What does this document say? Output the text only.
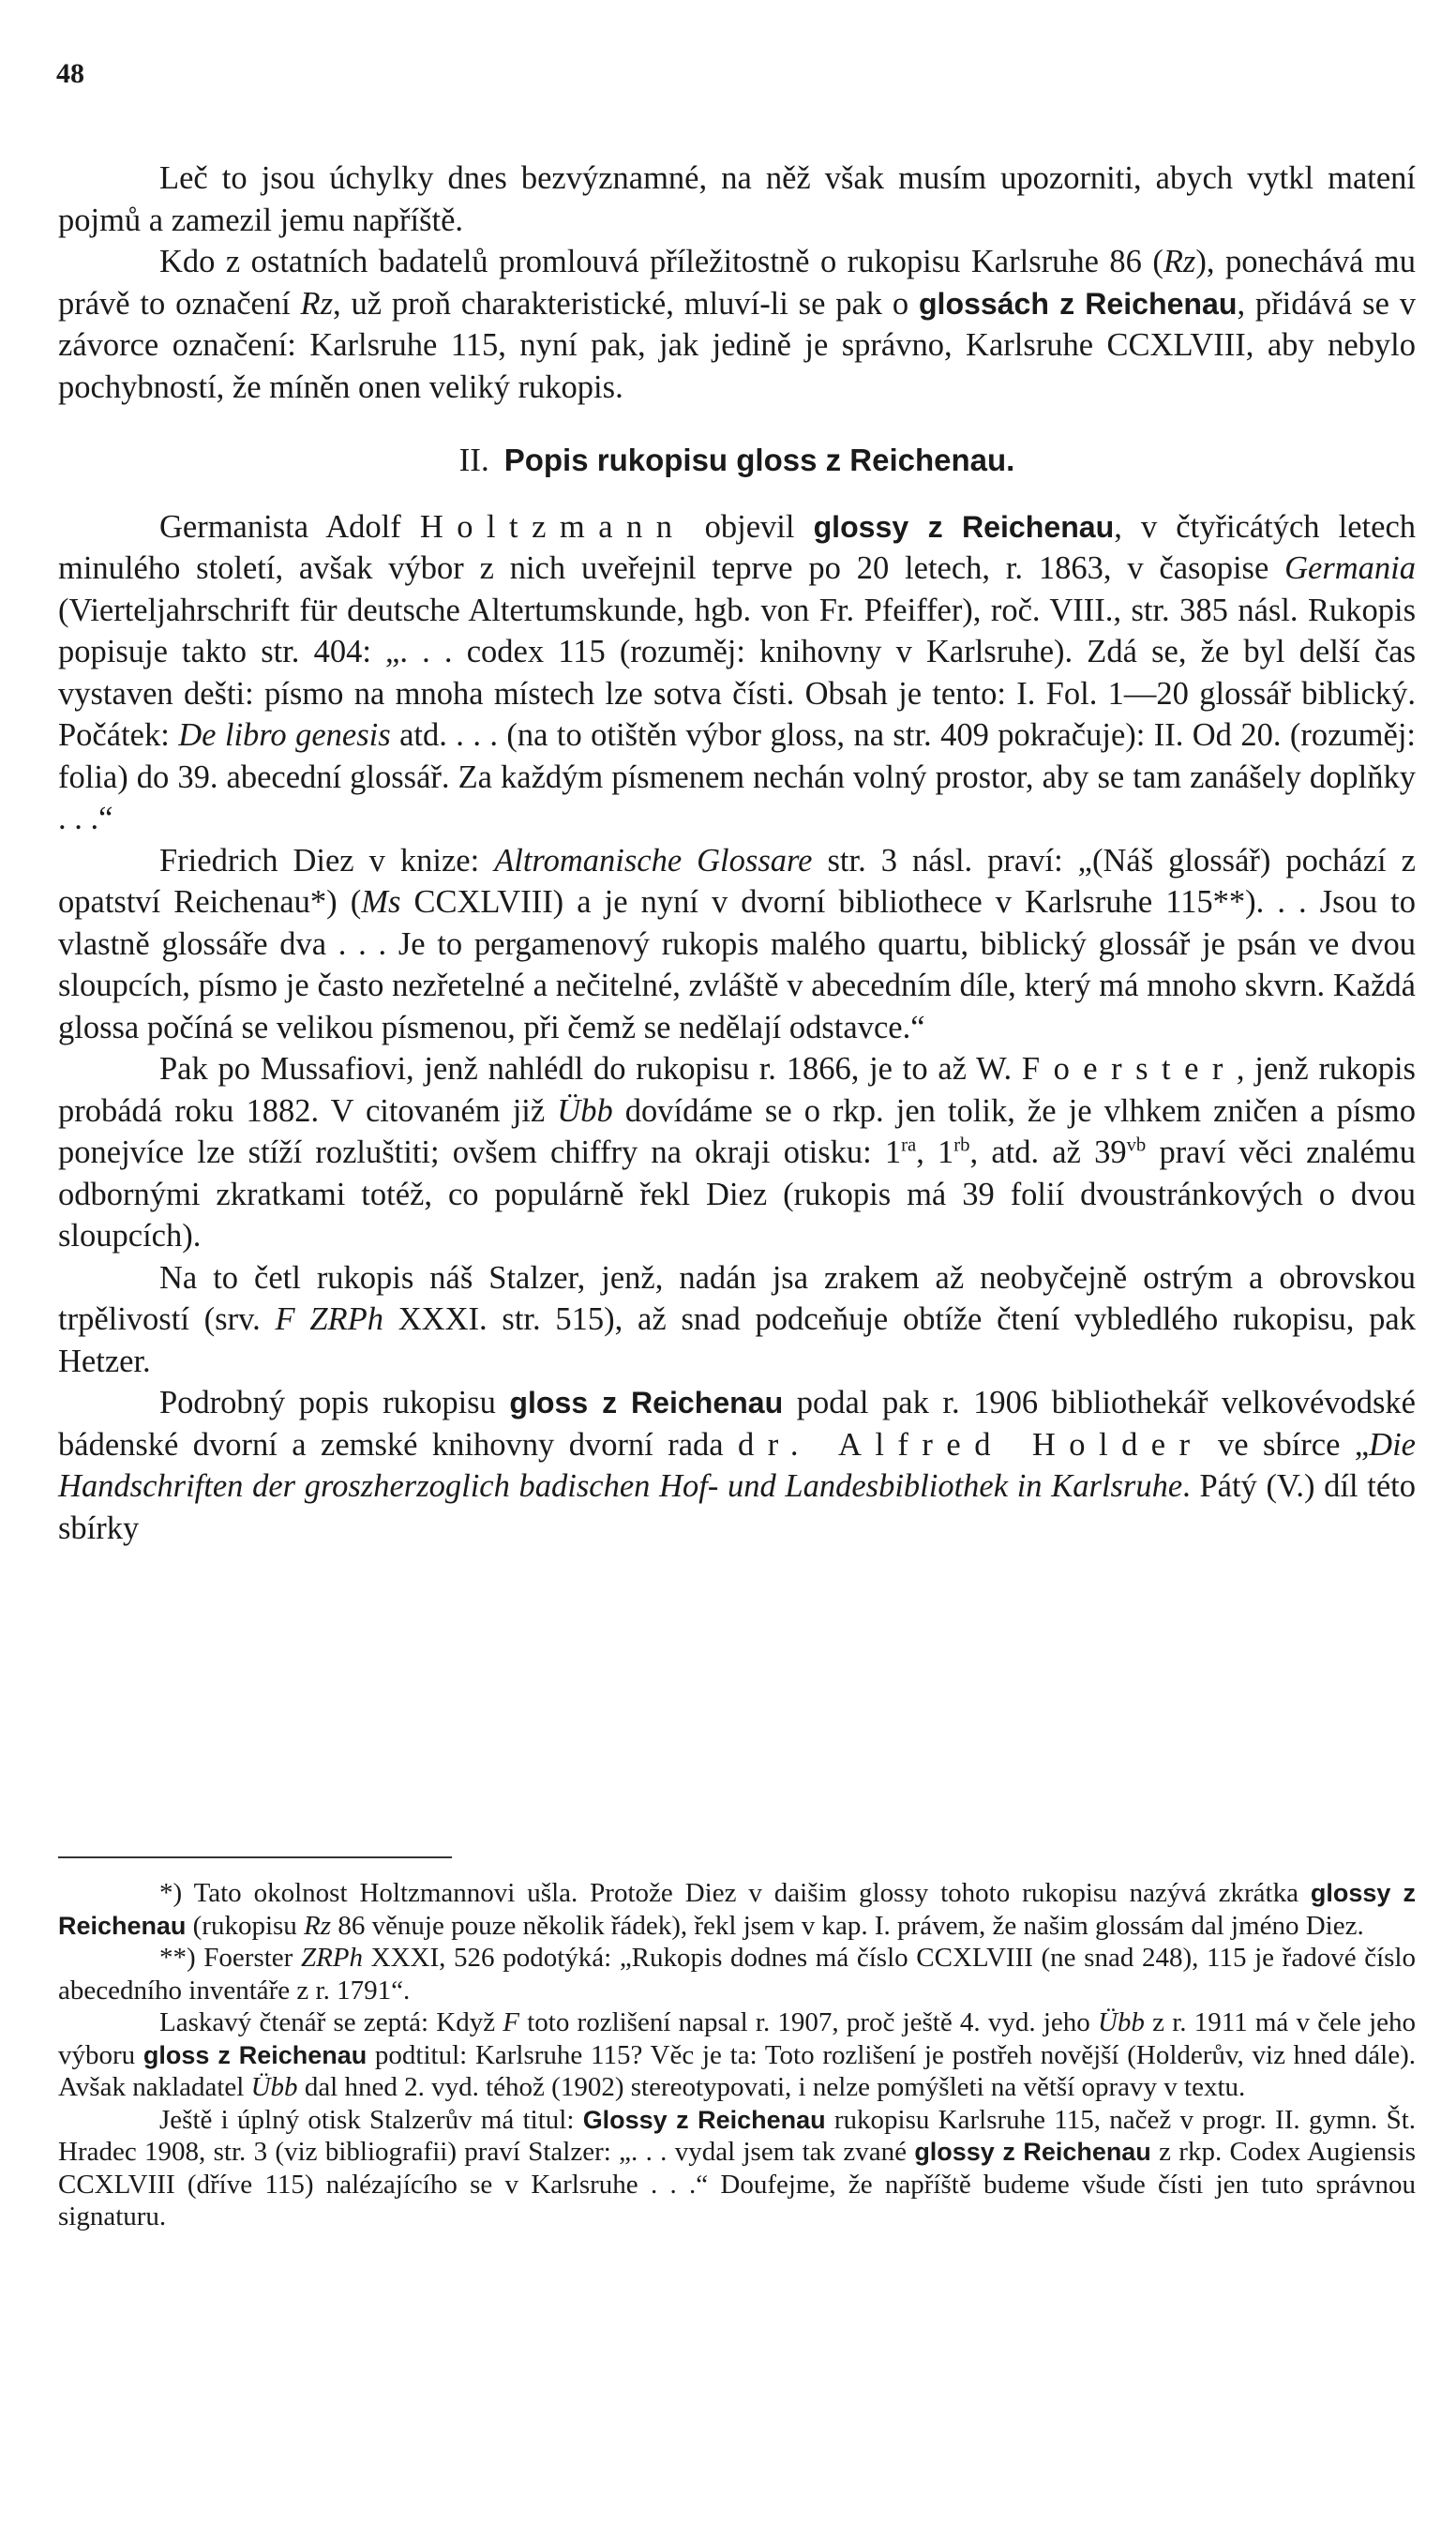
48

Leč to jsou úchylky dnes bezvýznamné, na něž však musím upozorniti, abych vytkl matení pojmů a zamezil jemu napříště.

Kdo z ostatních badatelů promlouvá příležitostně o rukopisu Karlsruhe 86 (Rz), ponechává mu právě to označení Rz, už proň charakteristické, mluví-li se pak o glossách z Reichenau, přidává se v závorce označení: Karlsruhe 115, nyní pak, jak jedině je správno, Karlsruhe CCXLVIII, aby nebylo pochybností, že míněn onen veliký rukopis.

II. Popis rukopisu gloss z Reichenau.

Germanista Adolf Holtzmann objevil glossy z Reichenau, v čtyřicátých letech minulého století, avšak výbor z nich uveřejnil teprve po 20 letech, r. 1863, v časopise Germania (Vierteljahrschrift für deutsche Altertumskunde, hgb. von Fr. Pfeiffer), roč. VIII., str. 385 násl. Rukopis popisuje takto str. 404: „. . . codex 115 (rozuměj: knihovny v Karlsruhe). Zdá se, že byl delší čas vystaven dešti: písmo na mnoha místech lze sotva čísti. Obsah je tento: I. Fol. 1—20 glossář biblický. Počátek: De libro genesis atd. . . . (na to otištěn výbor gloss, na str. 409 pokračuje): II. Od 20. (rozuměj: folia) do 39. abecední glossář. Za každým písmenem nechán volný prostor, aby se tam zanášely doplňky . . .“

Friedrich Diez v knize: Altromanische Glossare str. 3 násl. praví: „(Náš glossář) pochází z opatství Reichenau*) (Ms CCXLVIII) a je nyní v dvorní bibliothece v Karlsruhe 115**). . . Jsou to vlastně glossáře dva . . . Je to pergamenový rukopis malého quartu, biblický glossář je psán ve dvou sloupcích, písmo je často nezřetelné a nečitelné, zvláště v abecedním díle, který má mnoho skvrn. Každá glossa počíná se velikou písmenou, při čemž se nedělají odstavce.“

Pak po Mussafiovi, jenž nahlédl do rukopisu r. 1866, je to až W. Foerster, jenž rukopis probádá roku 1882. V citovaném již Übb dovídáme se o rkp. jen tolik, že je vlhkem zničen a písmo ponejvíce lze stíží rozluštiti; ovšem chiffry na okraji otisku: $1^{ra}$, $1^{rb}$, atd. až $39^{vb}$ praví věci znalému odbornými zkratkami totéž, co populárně řekl Diez (rukopis má 39 folií dvoustránkových o dvou sloupcích).

Na to četl rukopis náš Stalzer, jenž, nadán jsa zrakem až neobyčejně ostrým a obrovskou trpělivostí (srv. F ZRPh XXXI. str. 515), až snad podceňuje obtíže čtení vybledlého rukopisu, pak Hetzer.

Podrobný popis rukopisu gloss z Reichenau podal pak r. 1906 bibliothekář velkovévodské bádenské dvorní a zemské knihovny dvorní rada dr. Alfred Holder ve sbírce „Die Handschriften der groszherzoglich badischen Hof- und Landesbibliothek in Karlsruhe. Pátý (V.) díl této sbírky

*) Tato okolnost Holtzmannovi ušla. Protože Diez v daišim glossy tohoto rukopisu nazývá zkrátka glossy z Reichenau (rukopisu Rz 86 věnuje pouze několik řádek), řekl jsem v kap. I. právem, že našim glossám dal jméno Diez.

**) Foerster ZRPh XXXI, 526 podotýká: „Rukopis dodnes má číslo CCXLVIII (ne snad 248), 115 je řadové číslo abecedního inventáře z r. 1791“.

Laskavý čtenář se zeptá: Když F toto rozlišení napsal r. 1907, proč ještě 4. vyd. jeho Übb z r. 1911 má v čele jeho výboru gloss z Reichenau podtitul: Karlsruhe 115? Věc je ta: Toto rozlišení je postřeh novější (Holderův, viz hned dále). Avšak nakladatel Übb dal hned 2. vyd. téhož (1902) stereotypovati, i nelze pomýšleti na větší opravy v textu.

Ještě i úplný otisk Stalzerův má titul: Glossy z Reichenau rukopisu Karlsruhe 115, načež v progr. II. gymn. Št. Hradec 1908, str. 3 (viz bibliografii) praví Stalzer: „. . . vydal jsem tak zvané glossy z Reichenau z rkp. Codex Augiensis CCXLVIII (dříve 115) nalézajícího se v Karlsruhe . . .“ Doufejme, že napříště budeme všude čísti jen tuto správnou signaturu.
